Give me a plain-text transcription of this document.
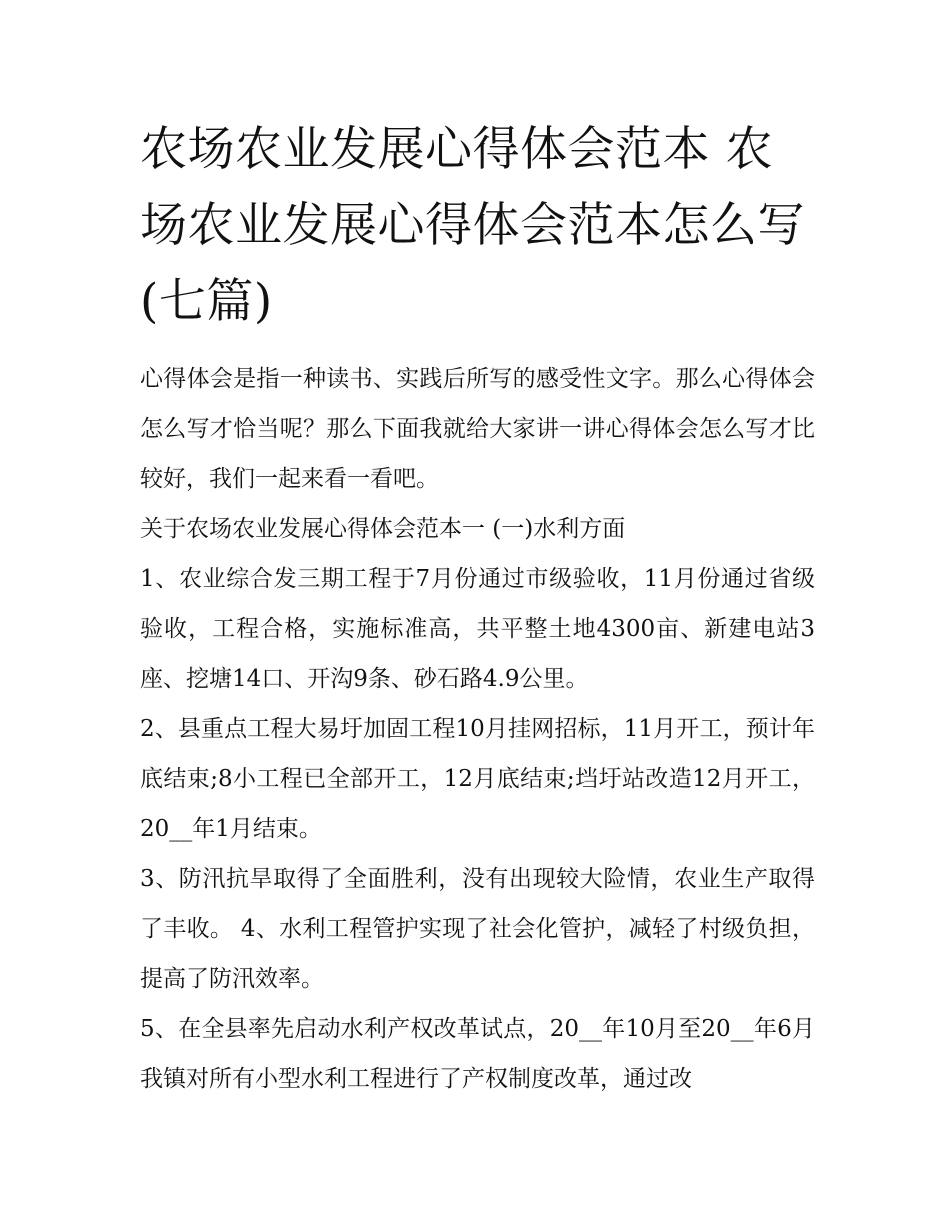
农场农业发展心得体会范本 农场农业发展心得体会范本怎么写(七篇)

心得体会是指一种读书、实践后所写的感受性文字。那么心得体会怎么写才恰当呢？那么下面我就给大家讲一讲心得体会怎么写才比较好，我们一起来看一看吧。

关于农场农业发展心得体会范本一 (一)水利方面

1、农业综合发三期工程于7月份通过市级验收，11月份通过省级验收，工程合格，实施标准高，共平整土地4300亩、新建电站3座、挖塘14口、开沟9条、砂石路4.9公里。

2、县重点工程大易圩加固工程10月挂网招标，11月开工，预计年底结束;8小工程已全部开工，12月底结束;垱圩站改造12月开工，20__年1月结束。

3、防汛抗旱取得了全面胜利，没有出现较大险情，农业生产取得了丰收。 4、水利工程管护实现了社会化管护，减轻了村级负担，提高了防汛效率。

5、在全县率先启动水利产权改革试点，20__年10月至20__年6月我镇对所有小型水利工程进行了产权制度改革，通过改
